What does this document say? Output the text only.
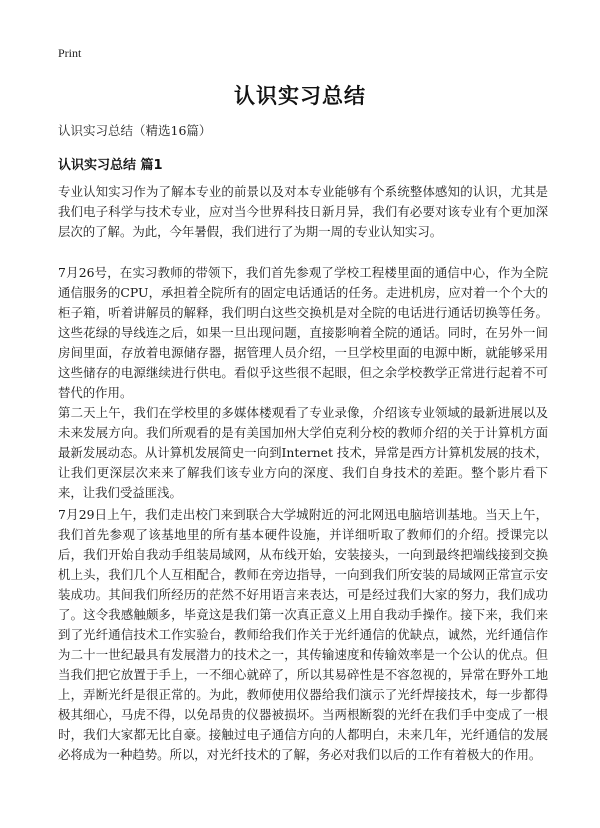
Print
认识实习总结
认识实习总结（精选16篇）
认识实习总结 篇1

专业认知实习作为了解本专业的前景以及对本专业能够有个系统整体感知的认识，尤其是我们电子科学与技术专业，应对当今世界科技日新月异，我们有必要对该专业有个更加深层次的了解。为此，今年暑假，我们进行了为期一周的专业认知实习。

7月26号，在实习教师的带领下，我们首先参观了学校工程楼里面的通信中心，作为全院通信服务的CPU，承担着全院所有的固定电话通话的任务。走进机房，应对着一个个大的柜子箱，听着讲解员的解释，我们明白这些交换机是对全院的电话进行通话切换等任务。这些花绿的导线连之后，如果一旦出现问题，直接影响着全院的通话。同时，在另外一间房间里面，存放着电源储存器，据管理人员介绍，一旦学校里面的电源中断，就能够采用这些储存的电源继续进行供电。看似乎这些很不起眼，但之余学校教学正常进行起着不可替代的作用。

第二天上午，我们在学校里的多媒体楼观看了专业录像，介绍该专业领域的最新进展以及未来发展方向。我们所观看的是有美国加州大学伯克利分校的教师介绍的关于计算机方面最新发展动态。从计算机发展简史一向到Internet 技术，异常是西方计算机发展的技术，让我们更深层次来来了解我们该专业方向的深度、我们自身技术的差距。整个影片看下来，让我们受益匪浅。

7月29日上午，我们走出校门来到联合大学城附近的河北网迅电脑培训基地。当天上午，我们首先参观了该基地里的所有基本硬件设施，并详细听取了教师们的介绍。授课完以后，我们开始自我动手组装局域网，从布线开始，安装接头，一向到最终把端线接到交换机上头，我们几个人互相配合，教师在旁边指导，一向到我们所安装的局域网正常宣示安装成功。其间我们所经历的茫然不好用语言来表达，可是经过我们大家的努力，我们成功了。这令我感触颇多，毕竟这是我们第一次真正意义上用自我动手操作。接下来，我们来到了光纤通信技术工作实验台，教师给我们作关于光纤通信的优缺点，诚然，光纤通信作为二十一世纪最具有发展潜力的技术之一，其传输速度和传输效率是一个公认的优点。但当我们把它放置于手上，一不细心就碎了，所以其易碎性是不容忽视的，异常在野外工地上，弄断光纤是很正常的。为此，教师使用仪器给我们演示了光纤焊接技术，每一步都得极其细心，马虎不得，以免昂贵的仪器被损坏。当两根断裂的光纤在我们手中变成了一根时，我们大家都无比自豪。接触过电子通信方向的人都明白，未来几年，光纤通信的发展必将成为一种趋势。所以，对光纤技术的了解，务必对我们以后的工作有着极大的作用。
